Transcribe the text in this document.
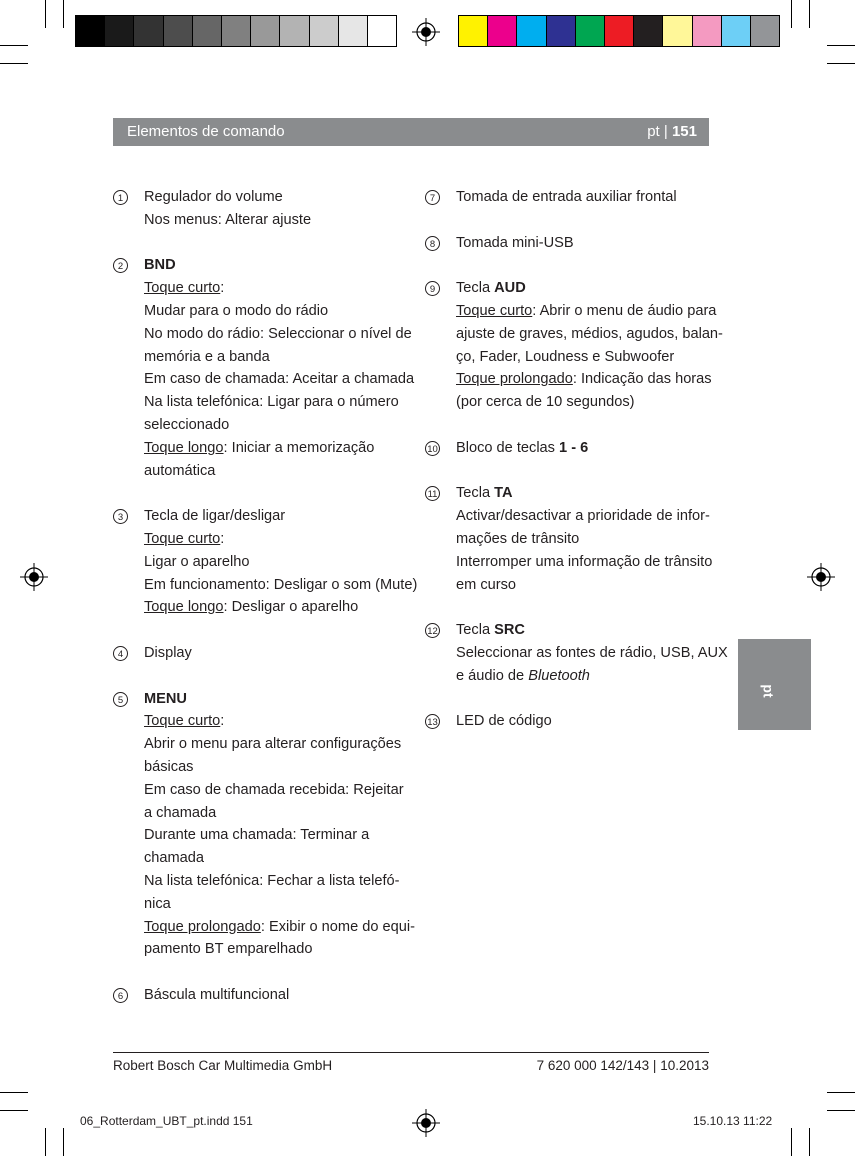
Elementos de comando	pt | 151
pt
1	Regulador do volume
Nos menus: Alterar ajuste
2	BND
Toque curto:
Mudar para o modo do rádio
No modo do rádio: Seleccionar o nível de
memória e a banda
Em caso de chamada: Aceitar a chamada
Na lista telefónica: Ligar para o número
seleccionado
Toque longo: Iniciar a memorização
automática
3	Tecla de ligar/desligar
Toque curto:
Ligar o aparelho
Em funcionamento: Desligar o som (Mute)
Toque longo: Desligar o aparelho
4	Display
5	MENU
Toque curto:
Abrir o menu para alterar configurações
básicas
Em caso de chamada recebida: Rejeitar
a chamada
Durante uma chamada: Terminar a
chamada
Na lista telefónica: Fechar a lista telefó-
nica
Toque prolongado: Exibir o nome do equi-
pamento BT emparelhado
6	Báscula multifuncional
7	Tomada de entrada auxiliar frontal
8	Tomada mini-USB
9	Tecla AUD
Toque curto: Abrir o menu de áudio para
ajuste de graves, médios, agudos, balan-
ço, Fader, Loudness e Subwoofer
Toque prolongado: Indicação das horas
(por cerca de 10 segundos)
10 Bloco de teclas 1 - 6
11 Tecla TA
Activar/desactivar a prioridade de infor-
mações de trânsito
Interromper uma informação de trânsito
em curso
12 Tecla SRC
Seleccionar as fontes de rádio, USB, AUX
e áudio de Bluetooth
13 LED de código
Robert Bosch Car Multimedia GmbH	7 620 000 142/143 | 10.2013
06_Rotterdam_UBT_pt.indd 151	15.10.13 11:22
